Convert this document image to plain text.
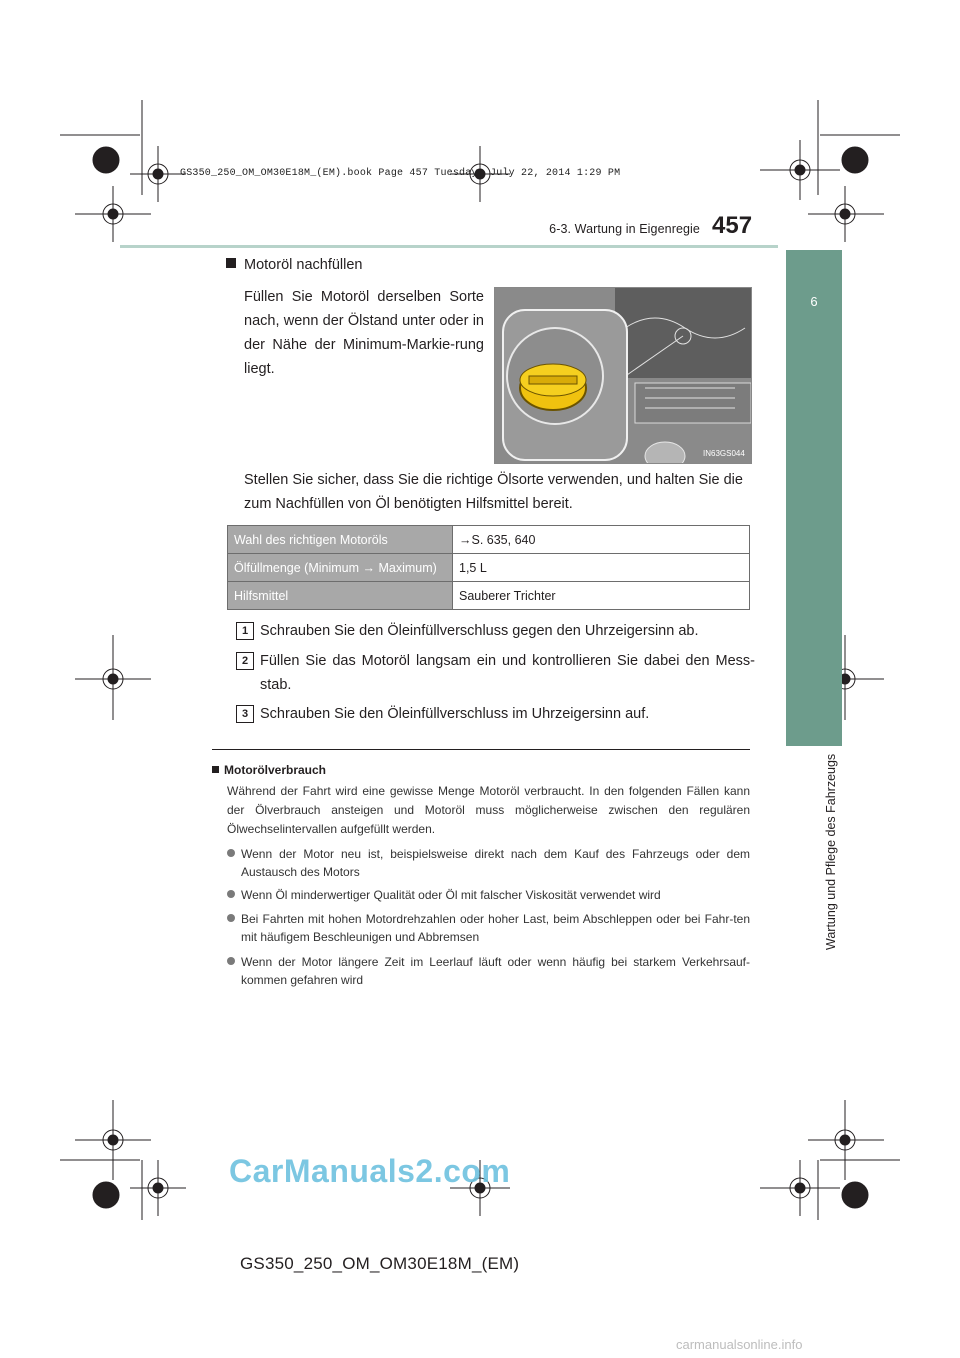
GS350_250_OM_OM30E18M_(EM).book Page 457 Tuesday, July 22, 2014 1:29 PM
6-3. Wartung in Eigenregie 457
6
Wartung und Pflege des Fahrzeugs
Motoröl nachfüllen
Füllen Sie Motoröl derselben Sorte nach, wenn der Ölstand unter oder in der Nähe der Minimum-Markie-rung liegt.
IN63GS044
Stellen Sie sicher, dass Sie die richtige Ölsorte verwenden, und halten Sie die zum Nachfüllen von Öl benötigten Hilfsmittel bereit.
Wahl des richtigen Motoröls	→S. 635, 640
Ölfüllmenge (Minimum → Maximum)	1,5 L
Hilfsmittel	Sauberer Trichter
1 Schrauben Sie den Öleinfüllverschluss gegen den Uhrzeigersinn ab.
2 Füllen Sie das Motoröl langsam ein und kontrollieren Sie dabei den Mess-stab.
3 Schrauben Sie den Öleinfüllverschluss im Uhrzeigersinn auf.
Motorölverbrauch
Während der Fahrt wird eine gewisse Menge Motoröl verbraucht. In den folgenden Fällen kann der Ölverbrauch ansteigen und Motoröl muss möglicherweise zwischen den regulären Ölwechselintervallen aufgefüllt werden.
Wenn der Motor neu ist, beispielsweise direkt nach dem Kauf des Fahrzeugs oder dem Austausch des Motors
Wenn Öl minderwertiger Qualität oder Öl mit falscher Viskosität verwendet wird
Bei Fahrten mit hohen Motordrehzahlen oder hoher Last, beim Abschleppen oder bei Fahr-ten mit häufigem Beschleunigen und Abbremsen
Wenn der Motor längere Zeit im Leerlauf läuft oder wenn häufig bei starkem Verkehrsauf-kommen gefahren wird
CarManuals2.com
GS350_250_OM_OM30E18M_(EM)
carmanualsonline.info
